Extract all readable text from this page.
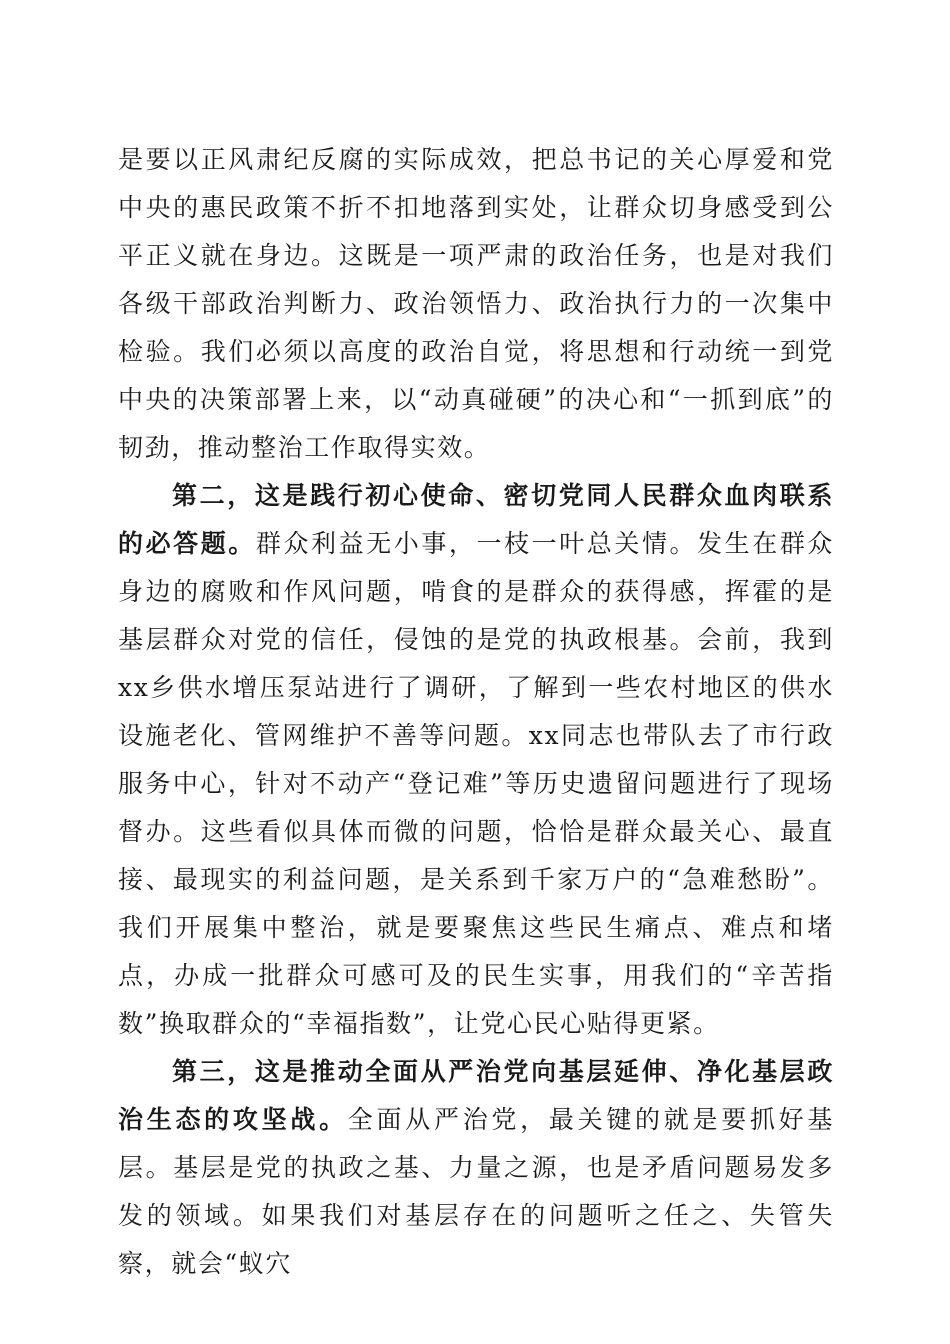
是要以正风肃纪反腐的实际成效，把总书记的关心厚爱和党中央的惠民政策不折不扣地落到实处，让群众切身感受到公平正义就在身边。这既是一项严肃的政治任务，也是对我们各级干部政治判断力、政治领悟力、政治执行力的一次集中检验。我们必须以高度的政治自觉，将思想和行动统一到党中央的决策部署上来，以“动真碰硬”的决心和“一抓到底”的韧劲，推动整治工作取得实效。

第二，这是践行初心使命、密切党同人民群众血肉联系的必答题。群众利益无小事，一枝一叶总关情。发生在群众身边的腐败和作风问题，啃食的是群众的获得感，挥霍的是基层群众对党的信任，侵蚀的是党的执政根基。会前，我到xx乡供水增压泵站进行了调研，了解到一些农村地区的供水设施老化、管网维护不善等问题。xx同志也带队去了市行政服务中心，针对不动产“登记难”等历史遗留问题进行了现场督办。这些看似具体而微的问题，恰恰是群众最关心、最直接、最现实的利益问题，是关系到千家万户的“急难愁盼”。我们开展集中整治，就是要聚焦这些民生痛点、难点和堵点，办成一批群众可感可及的民生实事，用我们的“辛苦指数”换取群众的“幸福指数”，让党心民心贴得更紧。

第三，这是推动全面从严治党向基层延伸、净化基层政治生态的攻坚战。全面从严治党，最关键的就是要抓好基层。基层是党的执政之基、力量之源，也是矛盾问题易发多发的领域。如果我们对基层存在的问题听之任之、失管失察，就会“蚁穴
